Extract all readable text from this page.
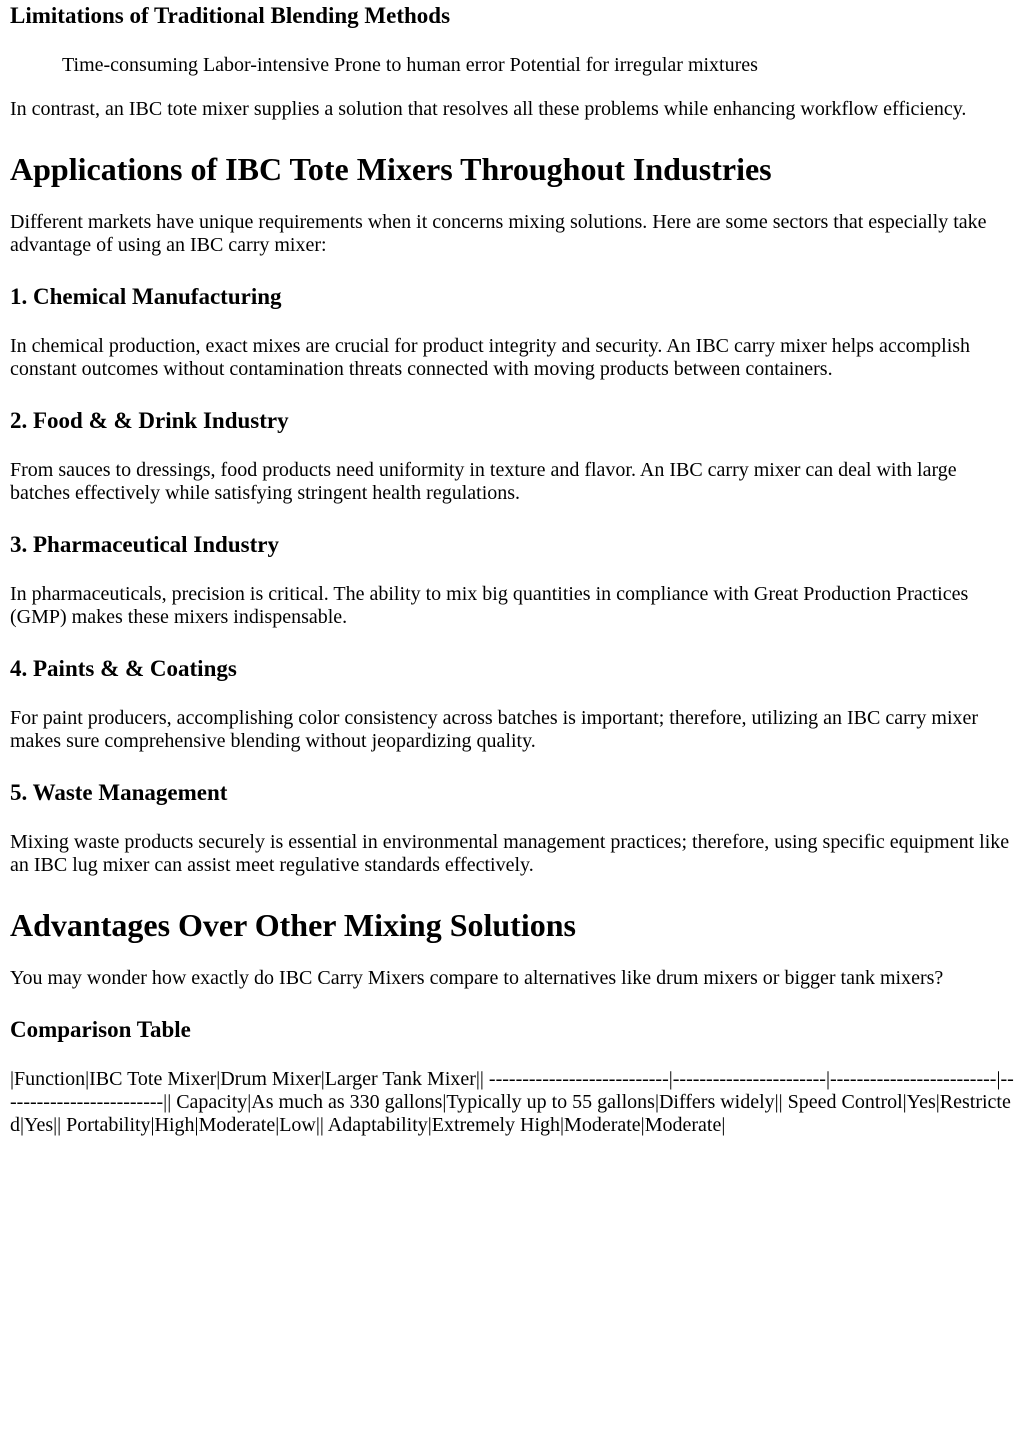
Limitations of Traditional Blending Methods
Time-consuming Labor-intensive Prone to human error Potential for irregular mixtures

In contrast, an IBC tote mixer supplies a solution that resolves all these problems while enhancing workflow efficiency.

Applications of IBC Tote Mixers Throughout Industries

Different markets have unique requirements when it concerns mixing solutions. Here are some sectors that especially take advantage of using an IBC carry mixer:

1. Chemical Manufacturing

In chemical production, exact mixes are crucial for product integrity and security. An IBC carry mixer helps accomplish constant outcomes without contamination threats connected with moving products between containers.

2. Food & & Drink Industry

From sauces to dressings, food products need uniformity in texture and flavor. An IBC carry mixer can deal with large batches effectively while satisfying stringent health regulations.

3. Pharmaceutical Industry

In pharmaceuticals, precision is critical. The ability to mix big quantities in compliance with Great Production Practices (GMP) makes these mixers indispensable.

4. Paints & & Coatings

For paint producers, accomplishing color consistency across batches is important; therefore, utilizing an IBC carry mixer makes sure comprehensive blending without jeopardizing quality.

5. Waste Management

Mixing waste products securely is essential in environmental management practices; therefore, using specific equipment like an IBC lug mixer can assist meet regulative standards effectively.

Advantages Over Other Mixing Solutions

You may wonder how exactly do IBC Carry Mixers compare to alternatives like drum mixers or bigger tank mixers?

Comparison Table

|Function|IBC Tote Mixer|Drum Mixer|Larger Tank Mixer|| ---------------------------|-----------------------|-------------------------|-------------------------|| Capacity|As much as 330 gallons|Typically up to 55 gallons|Differs widely|| Speed Control|Yes|Restricted|Yes|| Portability|High|Moderate|Low|| Adaptability|Extremely High|Moderate|Moderate|
